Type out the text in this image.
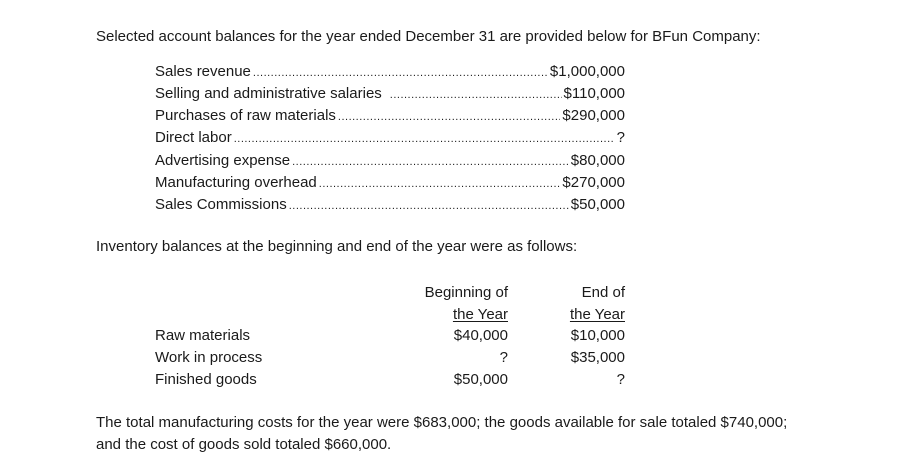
Selected account balances for the year ended December 31 are provided below for BFun Company:
Sales revenue .....	$1,000,000
Selling and administrative salaries .....	$110,000
Purchases of raw materials .....	$290,000
Direct labor .....	?
Advertising expense .....	$80,000
Manufacturing overhead .....	$270,000
Sales Commissions .....	$50,000
Inventory balances at the beginning and end of the year were as follows:
Beginning of
the Year
End of
the Year
Raw materials	$40,000	$10,000
Work in process	?	$35,000
Finished goods	$50,000	?
The total manufacturing costs for the year were $683,000; the goods available for sale totaled $740,000;
and the cost of goods sold totaled $660,000.
